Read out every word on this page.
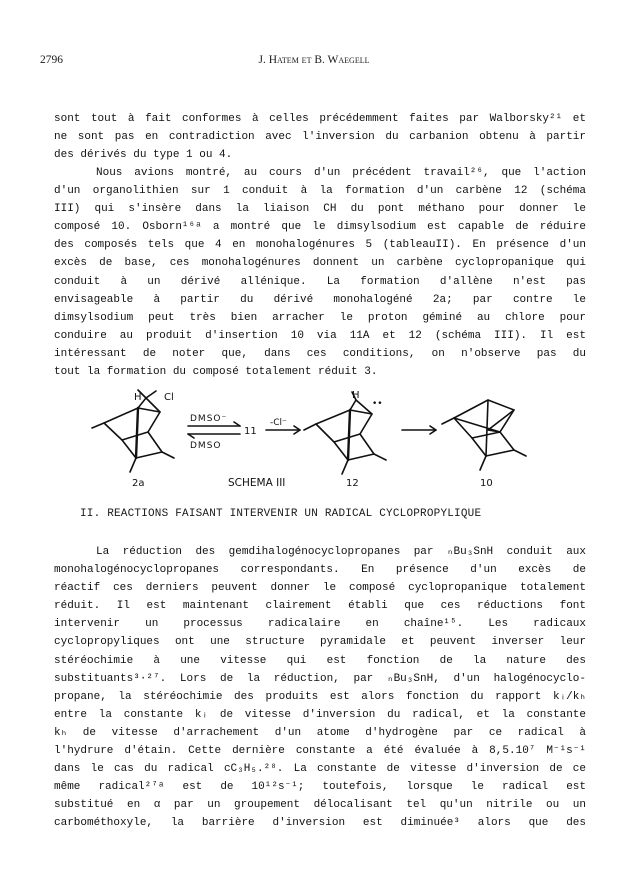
2796	J. Hatem et B. Waegell
sont tout à fait conformes à celles précédemment faites par Walborsky²¹ et
ne sont pas en contradiction avec l'inversion du carbanion obtenu à partir
des dérivés du type 1 ou 4.
Nous avions montré, au cours d'un précédent travail²⁶, que l'action
d'un organolithien sur 1 conduit à la formation d'un carbène 12 (schéma
III) qui s'insère dans la liaison CH du pont méthano pour donner le
composé 10. Osborn¹⁶ᵃ a montré que le dimsylsodium est capable de réduire
des composés tels que 4 en monohalogénures 5 (tableauII). En présence d'un
excès de base, ces monohalogénures donnent un carbène cyclopropanique qui
conduit à un dérivé allénique. La formation d'allène n'est pas
envisageable à partir du dérivé monohalogéné 2a; par contre le
dimsylsodium peut très bien arracher le proton géminé au chlore pour
conduire au produit d'insertion 10 via 11A et 12 (schéma III). Il est
intéressant de noter que, dans ces conditions, on n'observe pas du
tout la formation du composé totalement réduit 3.
H Cl	H
••
DMSO⁻
DMSO
11
-Cl⁻
2a	12	10
SCHEMA III
II. REACTIONS FAISANT INTERVENIR UN RADICAL CYCLOPROPYLIQUE
La réduction des gemdihalogénocyclopropanes par ₙBu₃SnH conduit aux
monohalogénocyclopropanes correspondants. En présence d'un excès de
réactif ces derniers peuvent donner le composé cyclopropanique totalement
réduit. Il est maintenant clairement établi que ces réductions font
intervenir un processus radicalaire en chaîne¹⁵. Les radicaux
cyclopropyliques ont une structure pyramidale et peuvent inverser leur
stéréochimie à une vitesse qui est fonction de la nature des
substituants³·²⁷. Lors de la réduction, par ₙBu₃SnH, d'un halogénocyclo-
propane, la stéréochimie des produits est alors fonction du rapport kᵢ/kₕ
entre la constante kᵢ de vitesse d'inversion du radical, et la constante
kₕ de vitesse d'arrachement d'un atome d'hydrogène par ce radical à
l'hydrure d'étain. Cette dernière constante a été évaluée à 8,5.10⁷ M⁻¹s⁻¹
dans le cas du radical cC₃H₅.²⁸. La constante de vitesse d'inversion de ce
même radical²⁷ᵃ est de 10¹²s⁻¹; toutefois, lorsque le radical est
substitué en α par un groupement délocalisant tel qu'un nitrile ou un
carbométhoxyle, la barrière d'inversion est diminuée³ alors que des
